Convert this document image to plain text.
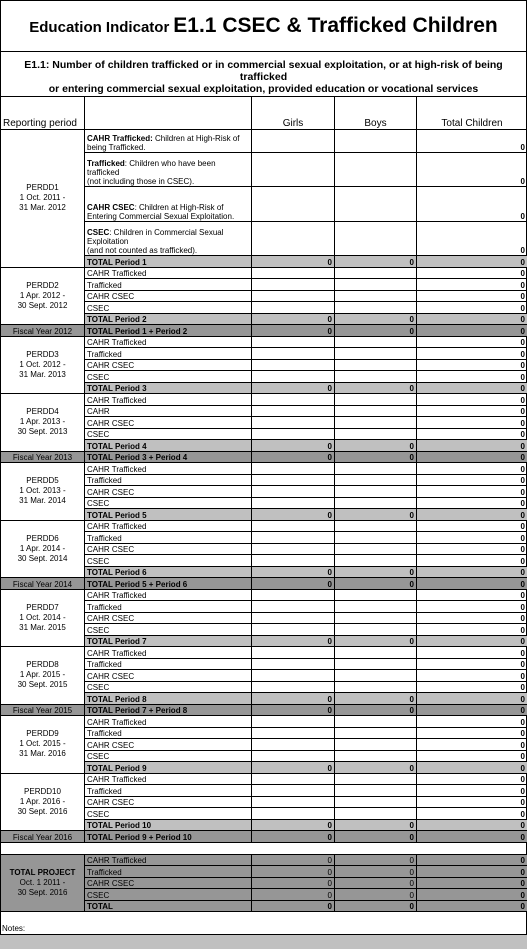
Education Indicator E1.1 CSEC & Trafficked Children
E1.1: Number of children trafficked or in commercial sexual exploitation, or at high-risk of being trafficked
or entering commercial sexual exploitation, provided education or vocational services
Reporting period		Girls	Boys	Total Children

PERDD1
1 Oct. 2011 -
31 Mar. 2012	CAHR Trafficked: Children at High-Risk of being Trafficked.			0
	Trafficked: Children who have been trafficked
(not including those in CSEC).			0
	CAHR CSEC: Children at High-Risk of Entering Commercial Sexual Exploitation.			0
	CSEC: Children in Commercial Sexual Exploitation
(and not counted as trafficked).			0
	TOTAL Period 1	0	0	0

PERDD2
1 Apr. 2012 -
30 Sept. 2012	CAHR Trafficked			0
	Trafficked			0
	CAHR CSEC			0
	CSEC			0
	TOTAL Period 2	0	0	0
Fiscal Year 2012	TOTAL Period 1 + Period 2	0	0	0

PERDD3
1 Oct. 2012 -
31 Mar. 2013	CAHR Trafficked			0
	Trafficked			0
	CAHR CSEC			0
	CSEC			0
	TOTAL Period 3	0	0	0

PERDD4
1 Apr. 2013 -
30 Sept. 2013	CAHR Trafficked			0
	CAHR			0
	CAHR CSEC			0
	CSEC			0
	TOTAL Period 4	0	0	0
Fiscal Year 2013	TOTAL Period 3 + Period 4	0	0	0

PERDD5
1 Oct. 2013 -
31 Mar. 2014	CAHR Trafficked			0
	Trafficked			0
	CAHR CSEC			0
	CSEC			0
	TOTAL Period 5	0	0	0

PERDD6
1 Apr. 2014 -
30 Sept. 2014	CAHR Trafficked			0
	Trafficked			0
	CAHR CSEC			0
	CSEC			0
	TOTAL Period 6	0	0	0
Fiscal Year 2014	TOTAL Period 5 + Period 6	0	0	0

PERDD7
1 Oct. 2014 -
31 Mar. 2015	CAHR Trafficked			0
	Trafficked			0
	CAHR CSEC			0
	CSEC			0
	TOTAL Period 7	0	0	0

PERDD8
1 Apr. 2015 -
30 Sept. 2015	CAHR Trafficked			0
	Trafficked			0
	CAHR CSEC			0
	CSEC			0
	TOTAL Period 8	0	0	0
Fiscal Year 2015	TOTAL Period 7 + Period 8	0	0	0

PERDD9
1 Oct. 2015 -
31 Mar. 2016	CAHR Trafficked			0
	Trafficked			0
	CAHR CSEC			0
	CSEC			0
	TOTAL Period 9	0	0	0

PERDD10
1 Apr. 2016 -
30 Sept. 2016	CAHR Trafficked			0
	Trafficked			0
	CAHR CSEC			0
	CSEC			0
	TOTAL Period 10	0	0	0
Fiscal Year 2016	TOTAL Period 9 + Period 10	0	0	0

TOTAL PROJECT
Oct. 1 2011 -
30 Sept. 2016	CAHR Trafficked	0	0	0
	Trafficked	0	0	0
	CAHR CSEC	0	0	0
	CSEC	0	0	0
	TOTAL	0	0	0
Notes:
